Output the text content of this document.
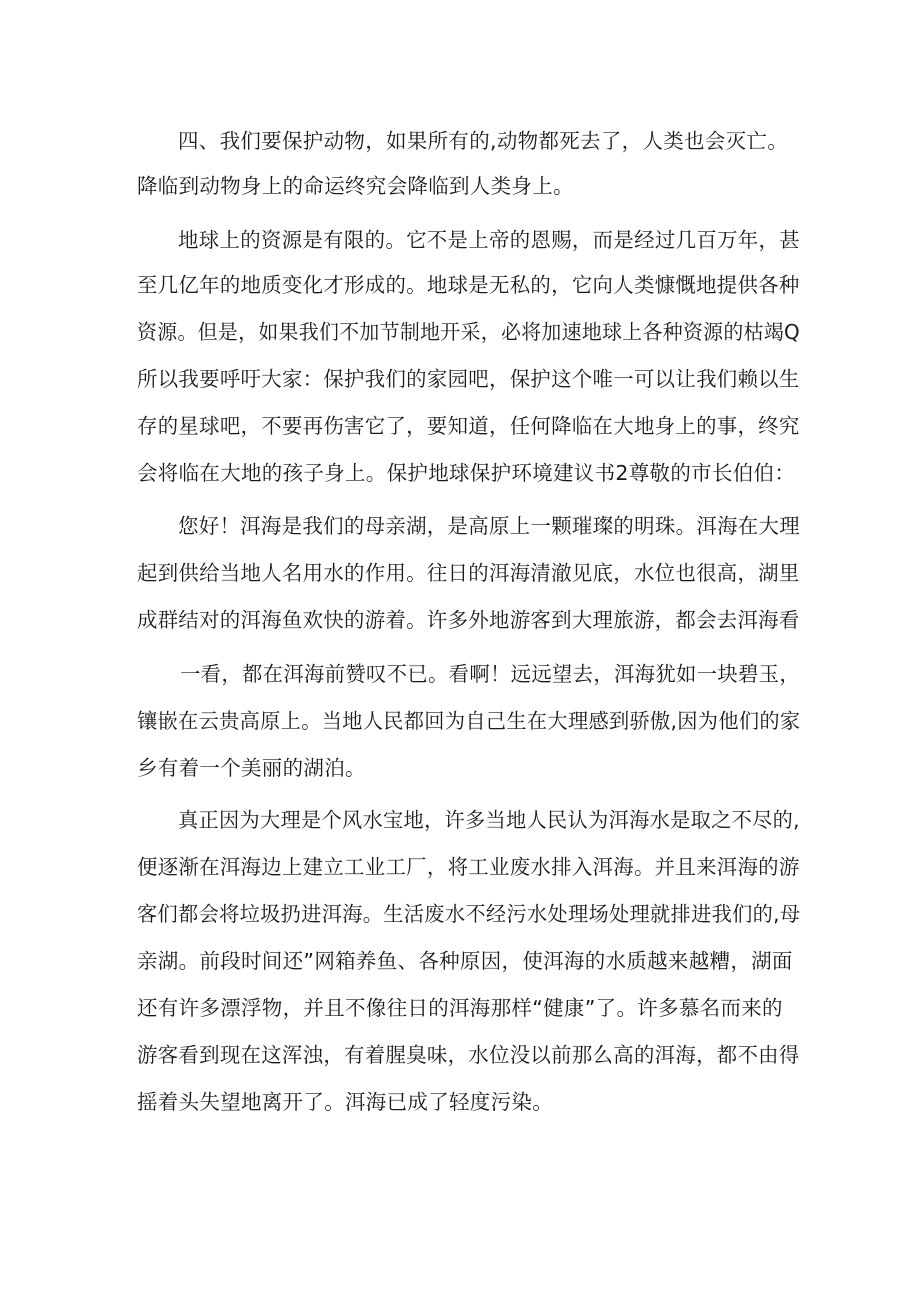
四、我们要保护动物，如果所有的,动物都死去了，人类也会灭亡。
降临到动物身上的命运终究会降临到人类身上。
地球上的资源是有限的。它不是上帝的恩赐，而是经过几百万年，甚
至几亿年的地质变化才形成的。地球是无私的，它向人类慷慨地提供各种
资源。但是，如果我们不加节制地开采，必将加速地球上各种资源的枯竭Q
所以我要呼吁大家：保护我们的家园吧，保护这个唯一可以让我们赖以生
存的星球吧，不要再伤害它了，要知道，任何降临在大地身上的事，终究
会将临在大地的孩子身上。保护地球保护环境建议书2尊敬的市长伯伯：
您好！洱海是我们的母亲湖，是高原上一颗璀璨的明珠。洱海在大理
起到供给当地人名用水的作用。往日的洱海清澈见底，水位也很高，湖里
成群结对的洱海鱼欢快的游着。许多外地游客到大理旅游，都会去洱海看
一看，都在洱海前赞叹不已。看啊！远远望去，洱海犹如一块碧玉，
镶嵌在云贵高原上。当地人民都回为自己生在大理感到骄傲,因为他们的家
乡有着一个美丽的湖泊。
真正因为大理是个风水宝地，许多当地人民认为洱海水是取之不尽的,
便逐渐在洱海边上建立工业工厂，将工业废水排入洱海。并且来洱海的游
客们都会将垃圾扔进洱海。生活废水不经污水处理场处理就排进我们的,母
亲湖。前段时间还”网箱养鱼、各种原因，使洱海的水质越来越糟，湖面
还有许多漂浮物，并且不像往日的洱海那样“健康”了。许多慕名而来的
游客看到现在这浑浊，有着腥臭味，水位没以前那么高的洱海，都不由得
摇着头失望地离开了。洱海已成了轻度污染。
